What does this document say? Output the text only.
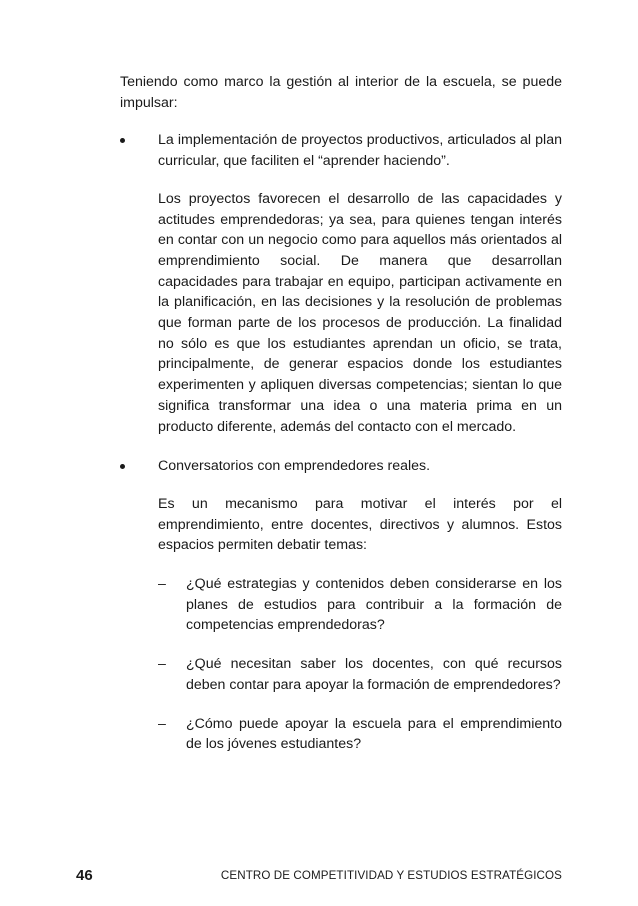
Teniendo como marco la gestión al interior de la escuela, se puede impulsar:

La implementación de proyectos productivos, articulados al plan curricular, que faciliten el “aprender haciendo”.

Los proyectos favorecen el desarrollo de las capacidades y actitudes emprendedoras; ya sea, para quienes tengan interés en contar con un negocio como para aquellos más orientados al emprendimiento social. De manera que desarrollan capacidades para trabajar en equipo, participan activamente en la planificación, en las decisiones y la resolución de problemas que forman parte de los procesos de producción. La finalidad no sólo es que los estudiantes aprendan un oficio, se trata, principalmente, de generar espacios donde los estudiantes experimenten y apliquen diversas competencias; sientan lo que significa transformar una idea o una materia prima en un producto diferente, además del contacto con el mercado.

Conversatorios con emprendedores reales.

Es un mecanismo para motivar el interés por el emprendimiento, entre docentes, directivos y alumnos. Estos espacios permiten debatir temas:

– ¿Qué estrategias y contenidos deben considerarse en los planes de estudios para contribuir a la formación de competencias emprendedoras?

– ¿Qué necesitan saber los docentes, con qué recursos deben contar para apoyar la formación de emprendedores?

– ¿Cómo puede apoyar la escuela para el emprendimiento de los jóvenes estudiantes?

46	CENTRO DE COMPETITIVIDAD Y ESTUDIOS ESTRATÉGICOS
